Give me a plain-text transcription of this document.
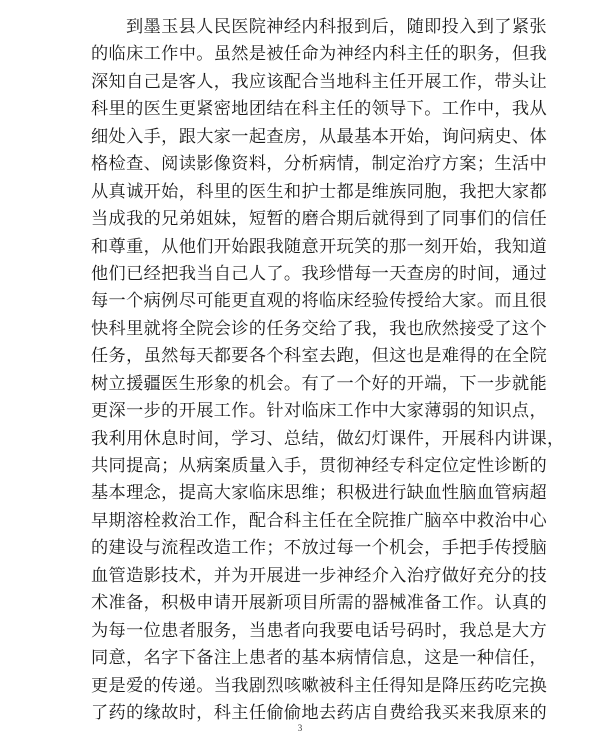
到墨玉县人民医院神经内科报到后，随即投入到了紧张
的临床工作中。虽然是被任命为神经内科主任的职务，但我
深知自己是客人，我应该配合当地科主任开展工作，带头让
科里的医生更紧密地团结在科主任的领导下。工作中，我从
细处入手，跟大家一起查房，从最基本开始，询问病史、体
格检查、阅读影像资料，分析病情，制定治疗方案；生活中
从真诚开始，科里的医生和护士都是维族同胞，我把大家都
当成我的兄弟姐妹，短暂的磨合期后就得到了同事们的信任
和尊重，从他们开始跟我随意开玩笑的那一刻开始，我知道
他们已经把我当自己人了。我珍惜每一天查房的时间，通过
每一个病例尽可能更直观的将临床经验传授给大家。而且很
快科里就将全院会诊的任务交给了我，我也欣然接受了这个
任务，虽然每天都要各个科室去跑，但这也是难得的在全院
树立援疆医生形象的机会。有了一个好的开端，下一步就能
更深一步的开展工作。针对临床工作中大家薄弱的知识点，
我利用休息时间，学习、总结，做幻灯课件，开展科内讲课，
共同提高；从病案质量入手，贯彻神经专科定位定性诊断的
基本理念，提高大家临床思维；积极进行缺血性脑血管病超
早期溶栓救治工作，配合科主任在全院推广脑卒中救治中心
的建设与流程改造工作；不放过每一个机会，手把手传授脑
血管造影技术，并为开展进一步神经介入治疗做好充分的技
术准备，积极申请开展新项目所需的器械准备工作。认真的
为每一位患者服务，当患者向我要电话号码时，我总是大方
同意，名字下备注上患者的基本病情信息，这是一种信任，
更是爱的传递。当我剧烈咳嗽被科主任得知是降压药吃完换
了药的缘故时，科主任偷偷地去药店自费给我买来我原来的
3
